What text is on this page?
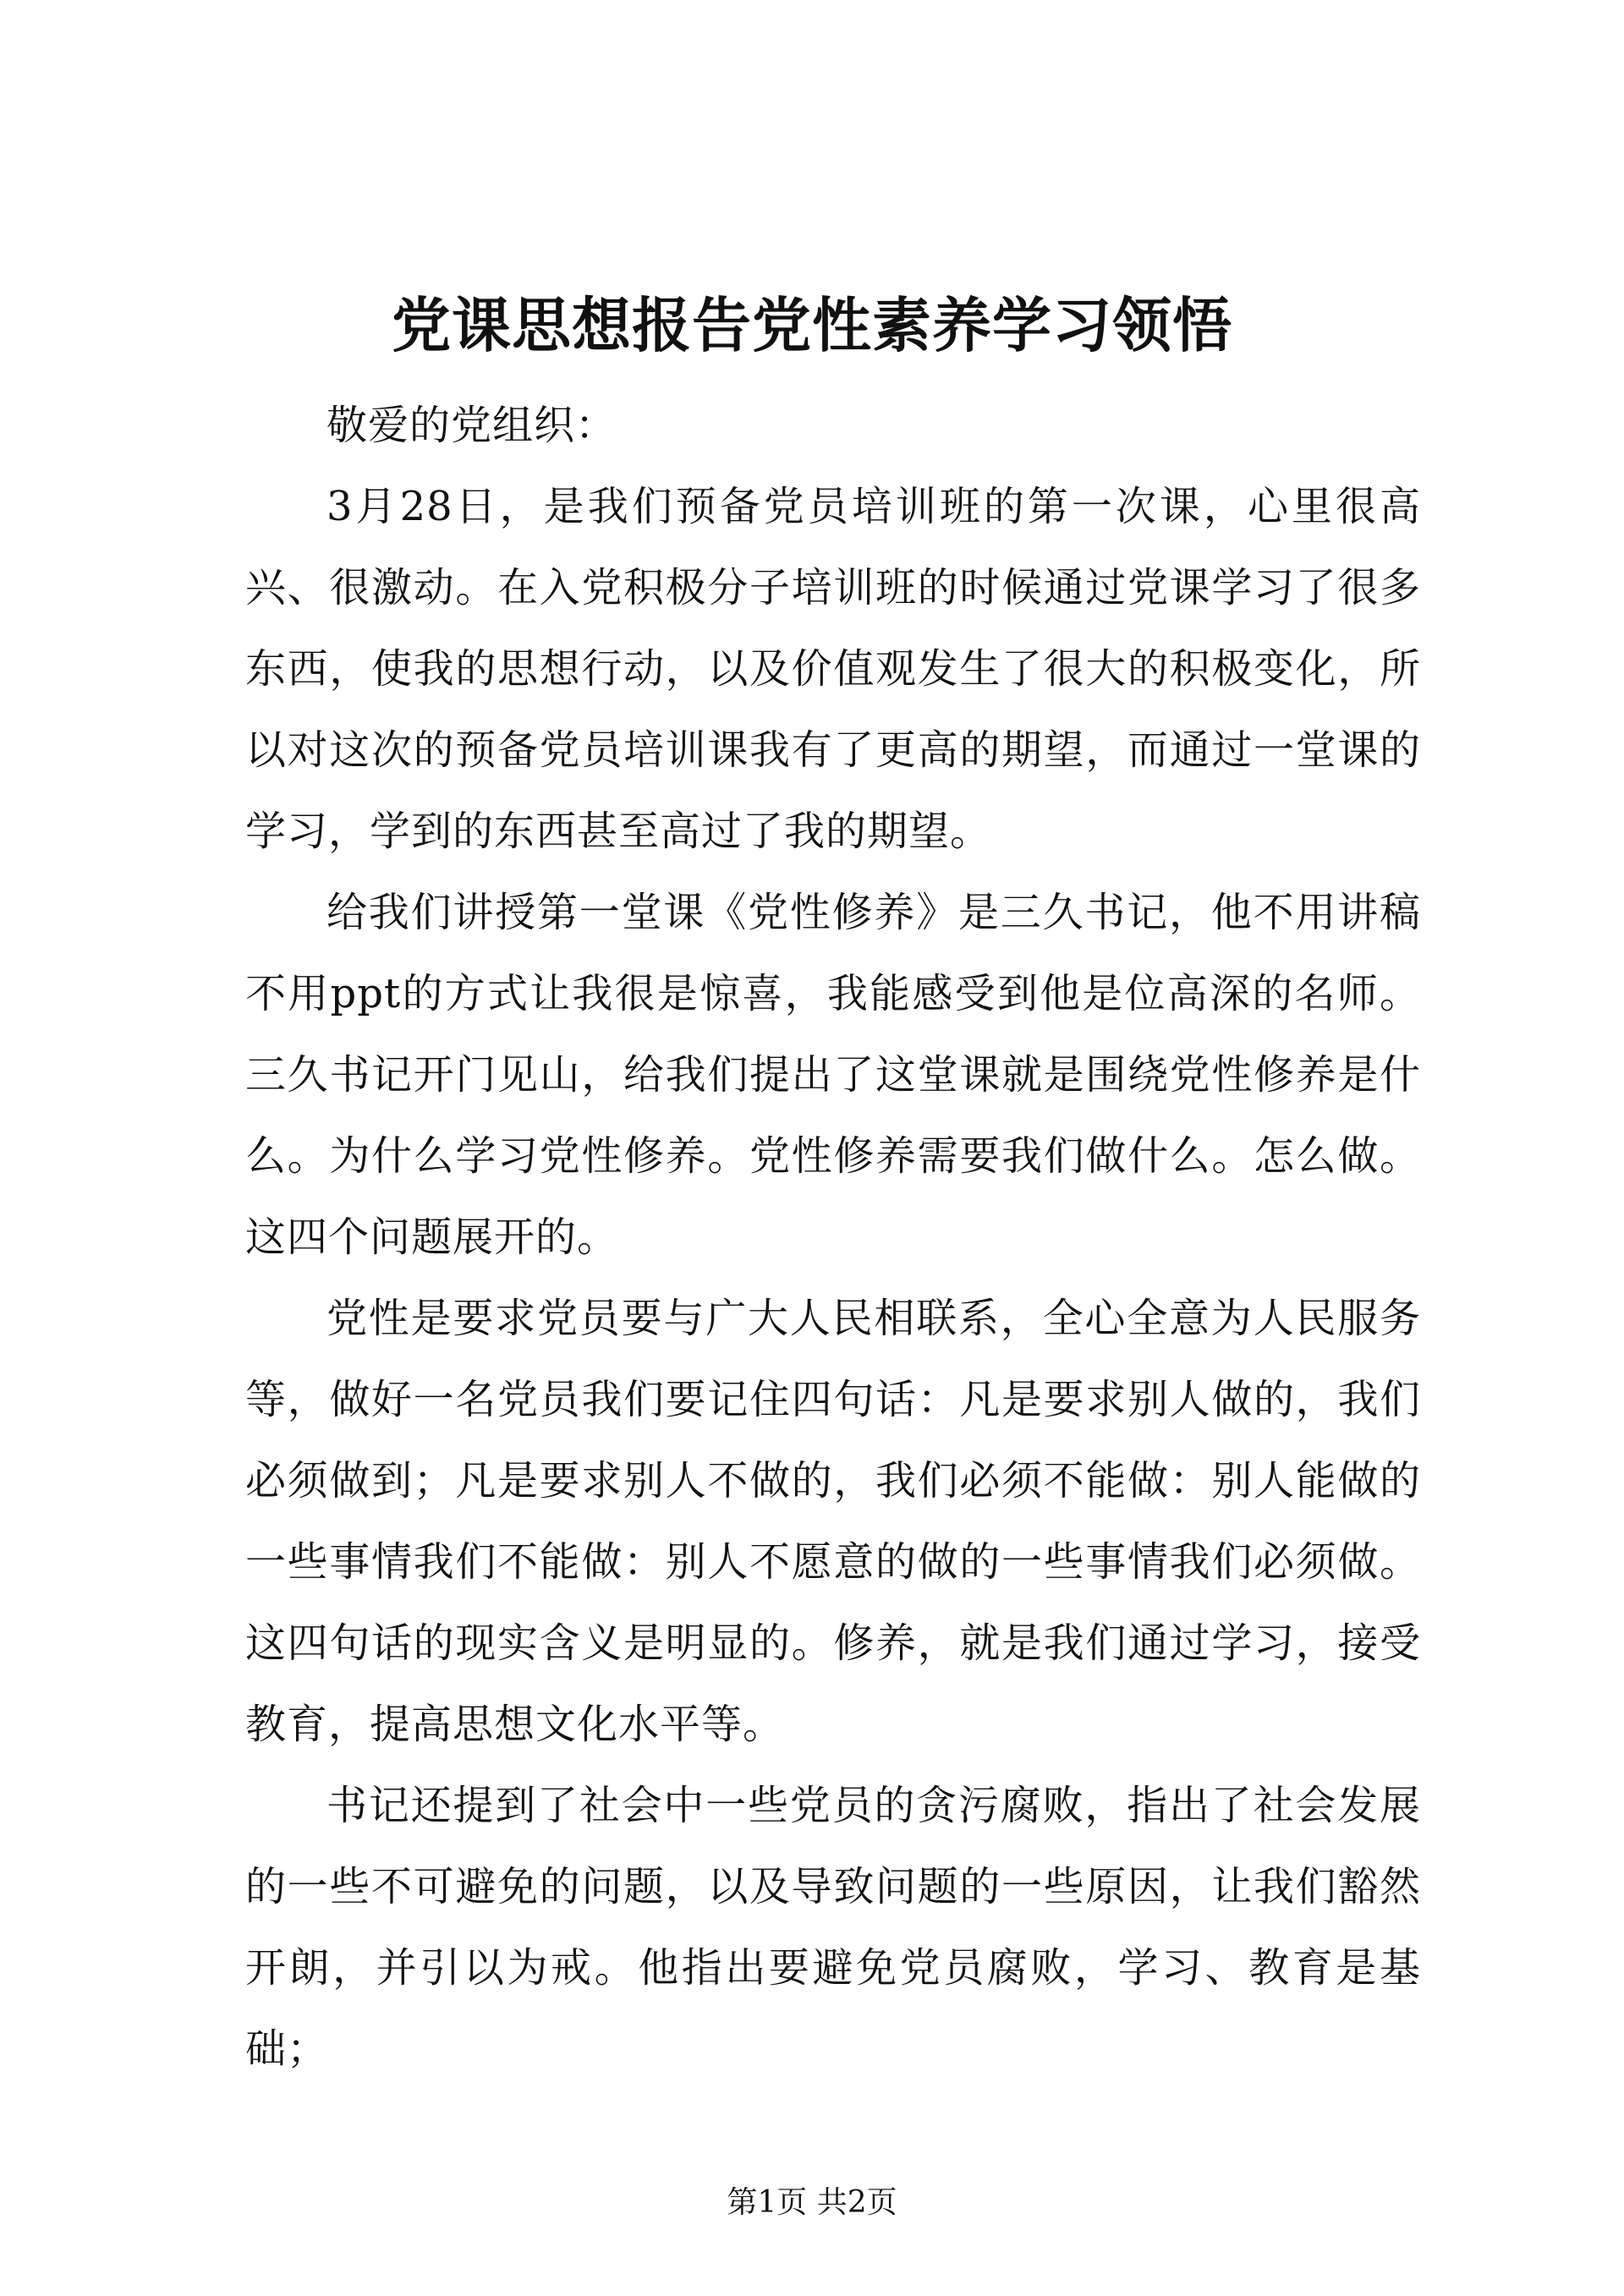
党课思想报告党性素养学习领悟

敬爱的党组织：

3月28日，是我们预备党员培训班的第一次课，心里很高兴、很激动。在入党积极分子培训班的时候通过党课学习了很多东西，使我的思想行动，以及价值观发生了很大的积极变化，所以对这次的预备党员培训课我有了更高的期望，而通过一堂课的学习，学到的东西甚至高过了我的期望。

给我们讲授第一堂课《党性修养》是三久书记，他不用讲稿不用ppt的方式让我很是惊喜，我能感受到他是位高深的名师。三久书记开门见山，给我们提出了这堂课就是围绕党性修养是什么。为什么学习党性修养。党性修养需要我们做什么。怎么做。这四个问题展开的。

党性是要求党员要与广大人民相联系，全心全意为人民服务等，做好一名党员我们要记住四句话：凡是要求别人做的，我们必须做到；凡是要求别人不做的，我们必须不能做：别人能做的一些事情我们不能做：别人不愿意的做的一些事情我们必须做。这四句话的现实含义是明显的。修养，就是我们通过学习，接受教育，提高思想文化水平等。

书记还提到了社会中一些党员的贪污腐败，指出了社会发展的一些不可避免的问题，以及导致问题的一些原因，让我们豁然开朗，并引以为戒。他指出要避免党员腐败，学习、教育是基础；

第1页 共2页
